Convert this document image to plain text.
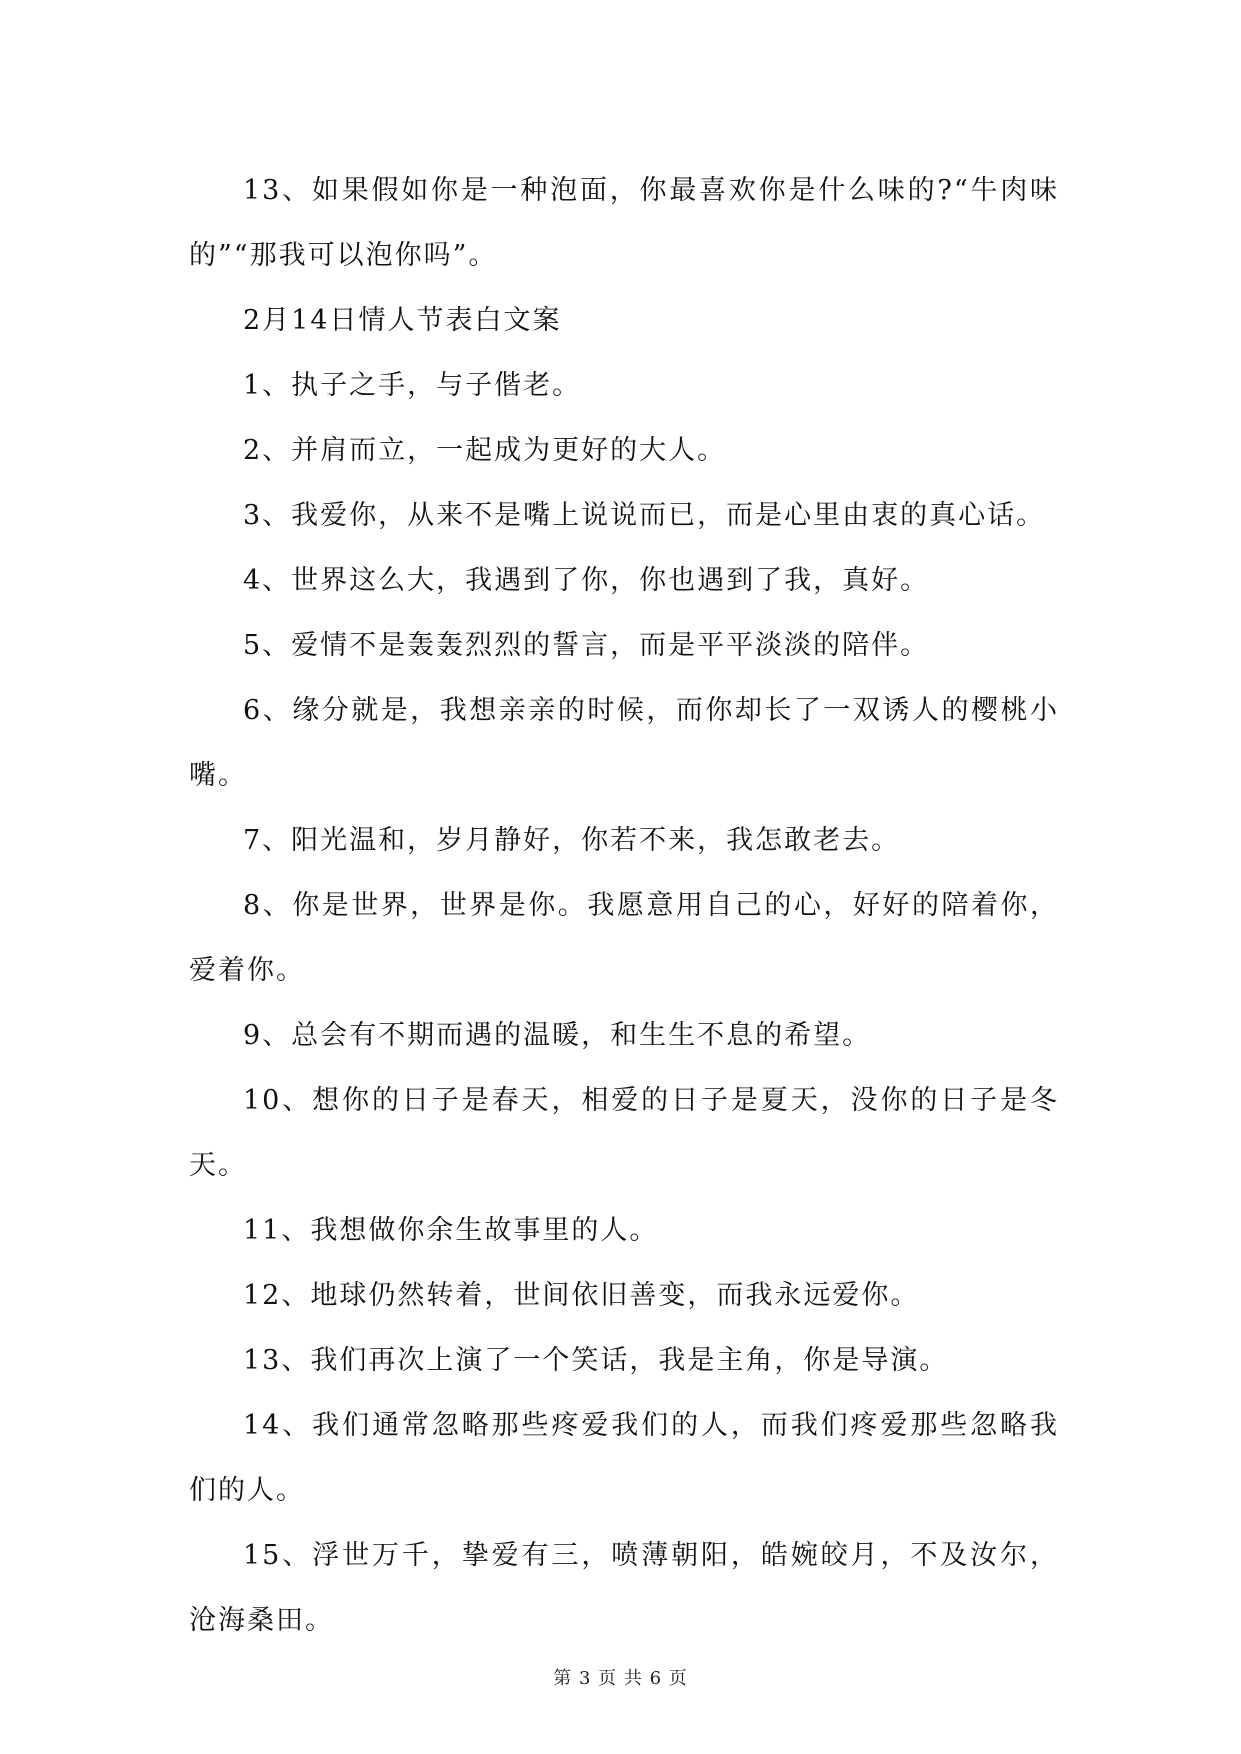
13、如果假如你是一种泡面，你最喜欢你是什么味的?“牛肉味的”“那我可以泡你吗”。

2月14日情人节表白文案

1、执子之手，与子偕老。

2、并肩而立，一起成为更好的大人。

3、我爱你，从来不是嘴上说说而已，而是心里由衷的真心话。

4、世界这么大，我遇到了你，你也遇到了我，真好。

5、爱情不是轰轰烈烈的誓言，而是平平淡淡的陪伴。

6、缘分就是，我想亲亲的时候，而你却长了一双诱人的樱桃小嘴。

7、阳光温和，岁月静好，你若不来，我怎敢老去。

8、你是世界，世界是你。我愿意用自己的心，好好的陪着你，爱着你。

9、总会有不期而遇的温暖，和生生不息的希望。

10、想你的日子是春天，相爱的日子是夏天，没你的日子是冬天。

11、我想做你余生故事里的人。

12、地球仍然转着，世间依旧善变，而我永远爱你。

13、我们再次上演了一个笑话，我是主角，你是导演。

14、我们通常忽略那些疼爱我们的人，而我们疼爱那些忽略我们的人。

15、浮世万千，挚爱有三，喷薄朝阳，皓婉皎月，不及汝尔，沧海桑田。

第 3 页 共 6 页
